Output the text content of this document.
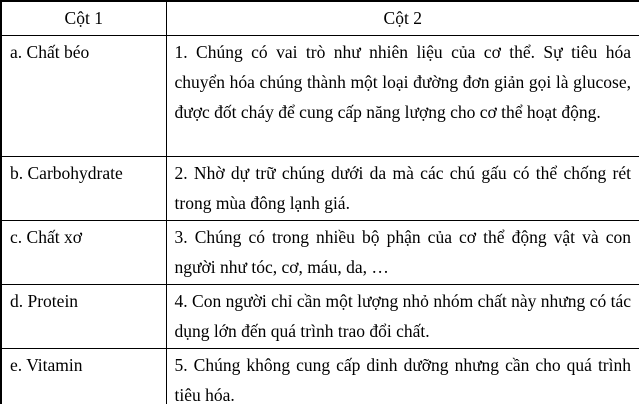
Cột 1	Cột 2
a. Chất béo	1. Chúng có vai trò như nhiên liệu của cơ thể. Sự tiêu hóa chuyển hóa chúng thành một loại đường đơn giản gọi là glucose, được đốt cháy để cung cấp năng lượng cho cơ thể hoạt động.
b. Carbohydrate	2. Nhờ dự trữ chúng dưới da mà các chú gấu có thể chống rét trong mùa đông lạnh giá.
c. Chất xơ	3. Chúng có trong nhiều bộ phận của cơ thể động vật và con người như tóc, cơ, máu, da, …
d. Protein	4. Con người chỉ cần một lượng nhỏ nhóm chất này nhưng có tác dụng lớn đến quá trình trao đổi chất.
e. Vitamin	5. Chúng không cung cấp dinh dưỡng nhưng cần cho quá trình tiêu hóa.
